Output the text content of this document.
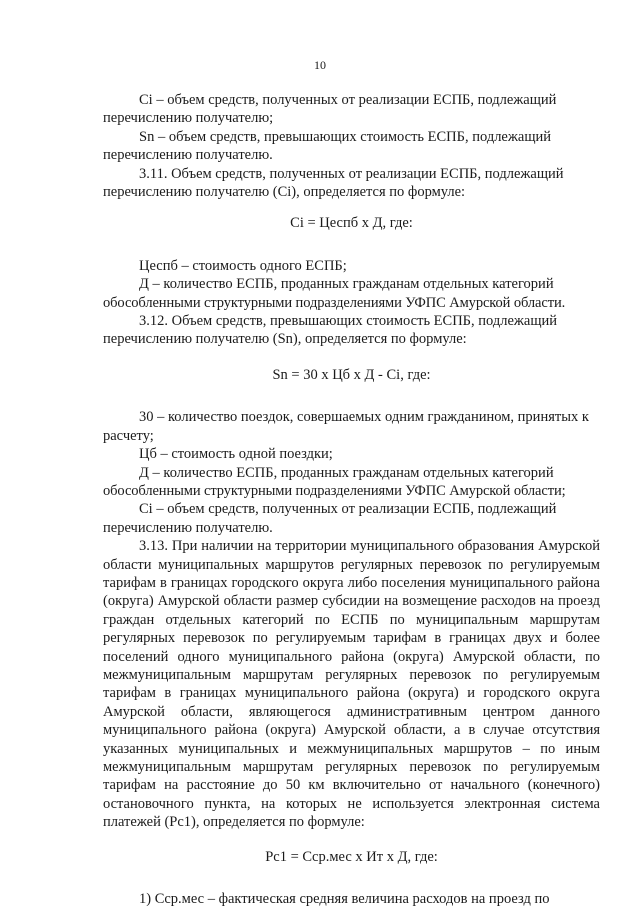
10

Ci – объем средств, полученных от реализации ЕСПБ, подлежащий

перечислению получателю;

Sn – объем средств, превышающих стоимость ЕСПБ, подлежащий

перечислению получателю.

3.11. Объем средств, полученных от реализации ЕСПБ, подлежащий

перечислению получателю (Ci), определяется по формуле:

Ci = Цеспб х Д, где:

Цеспб – стоимость одного ЕСПБ;

Д – количество ЕСПБ, проданных гражданам отдельных категорий

обособленными структурными подразделениями УФПС Амурской области.

3.12. Объем средств, превышающих стоимость ЕСПБ, подлежащий

перечислению получателю (Sn), определяется по формуле:

Sn = 30 х Цб х Д - Ci, где:

30 – количество поездок, совершаемых одним гражданином, принятых к

расчету;

Цб – стоимость одной поездки;

Д – количество ЕСПБ, проданных гражданам отдельных категорий

обособленными структурными подразделениями УФПС Амурской области;

Ci – объем средств, полученных от реализации ЕСПБ, подлежащий

перечислению получателю.

3.13. При наличии на территории муниципального образования Амурской области муниципальных маршрутов регулярных перевозок по регулируемым тарифам в границах городского округа либо поселения муниципального района (округа) Амурской области размер субсидии на возмещение расходов на проезд граждан отдельных категорий по ЕСПБ по муниципальным маршрутам регулярных перевозок по регулируемым тарифам в границах двух и более поселений одного муниципального района (округа) Амурской области, по межмуниципальным маршрутам регулярных перевозок по регулируемым тарифам в границах муниципального района (округа) и городского округа Амурской области, являющегося административным центром данного муниципального района (округа) Амурской области, а в случае отсутствия указанных муниципальных и межмуниципальных маршрутов – по иным межмуниципальным маршрутам регулярных перевозок по регулируемым тарифам на расстояние до 50 км включительно от начального (конечного) остановочного пункта, на которых не используется электронная система платежей (Pc1), определяется по формуле:

Pc1 = Cср.мес х Ит х Д, где:

1) Cср.мес – фактическая средняя величина расходов на проезд по
